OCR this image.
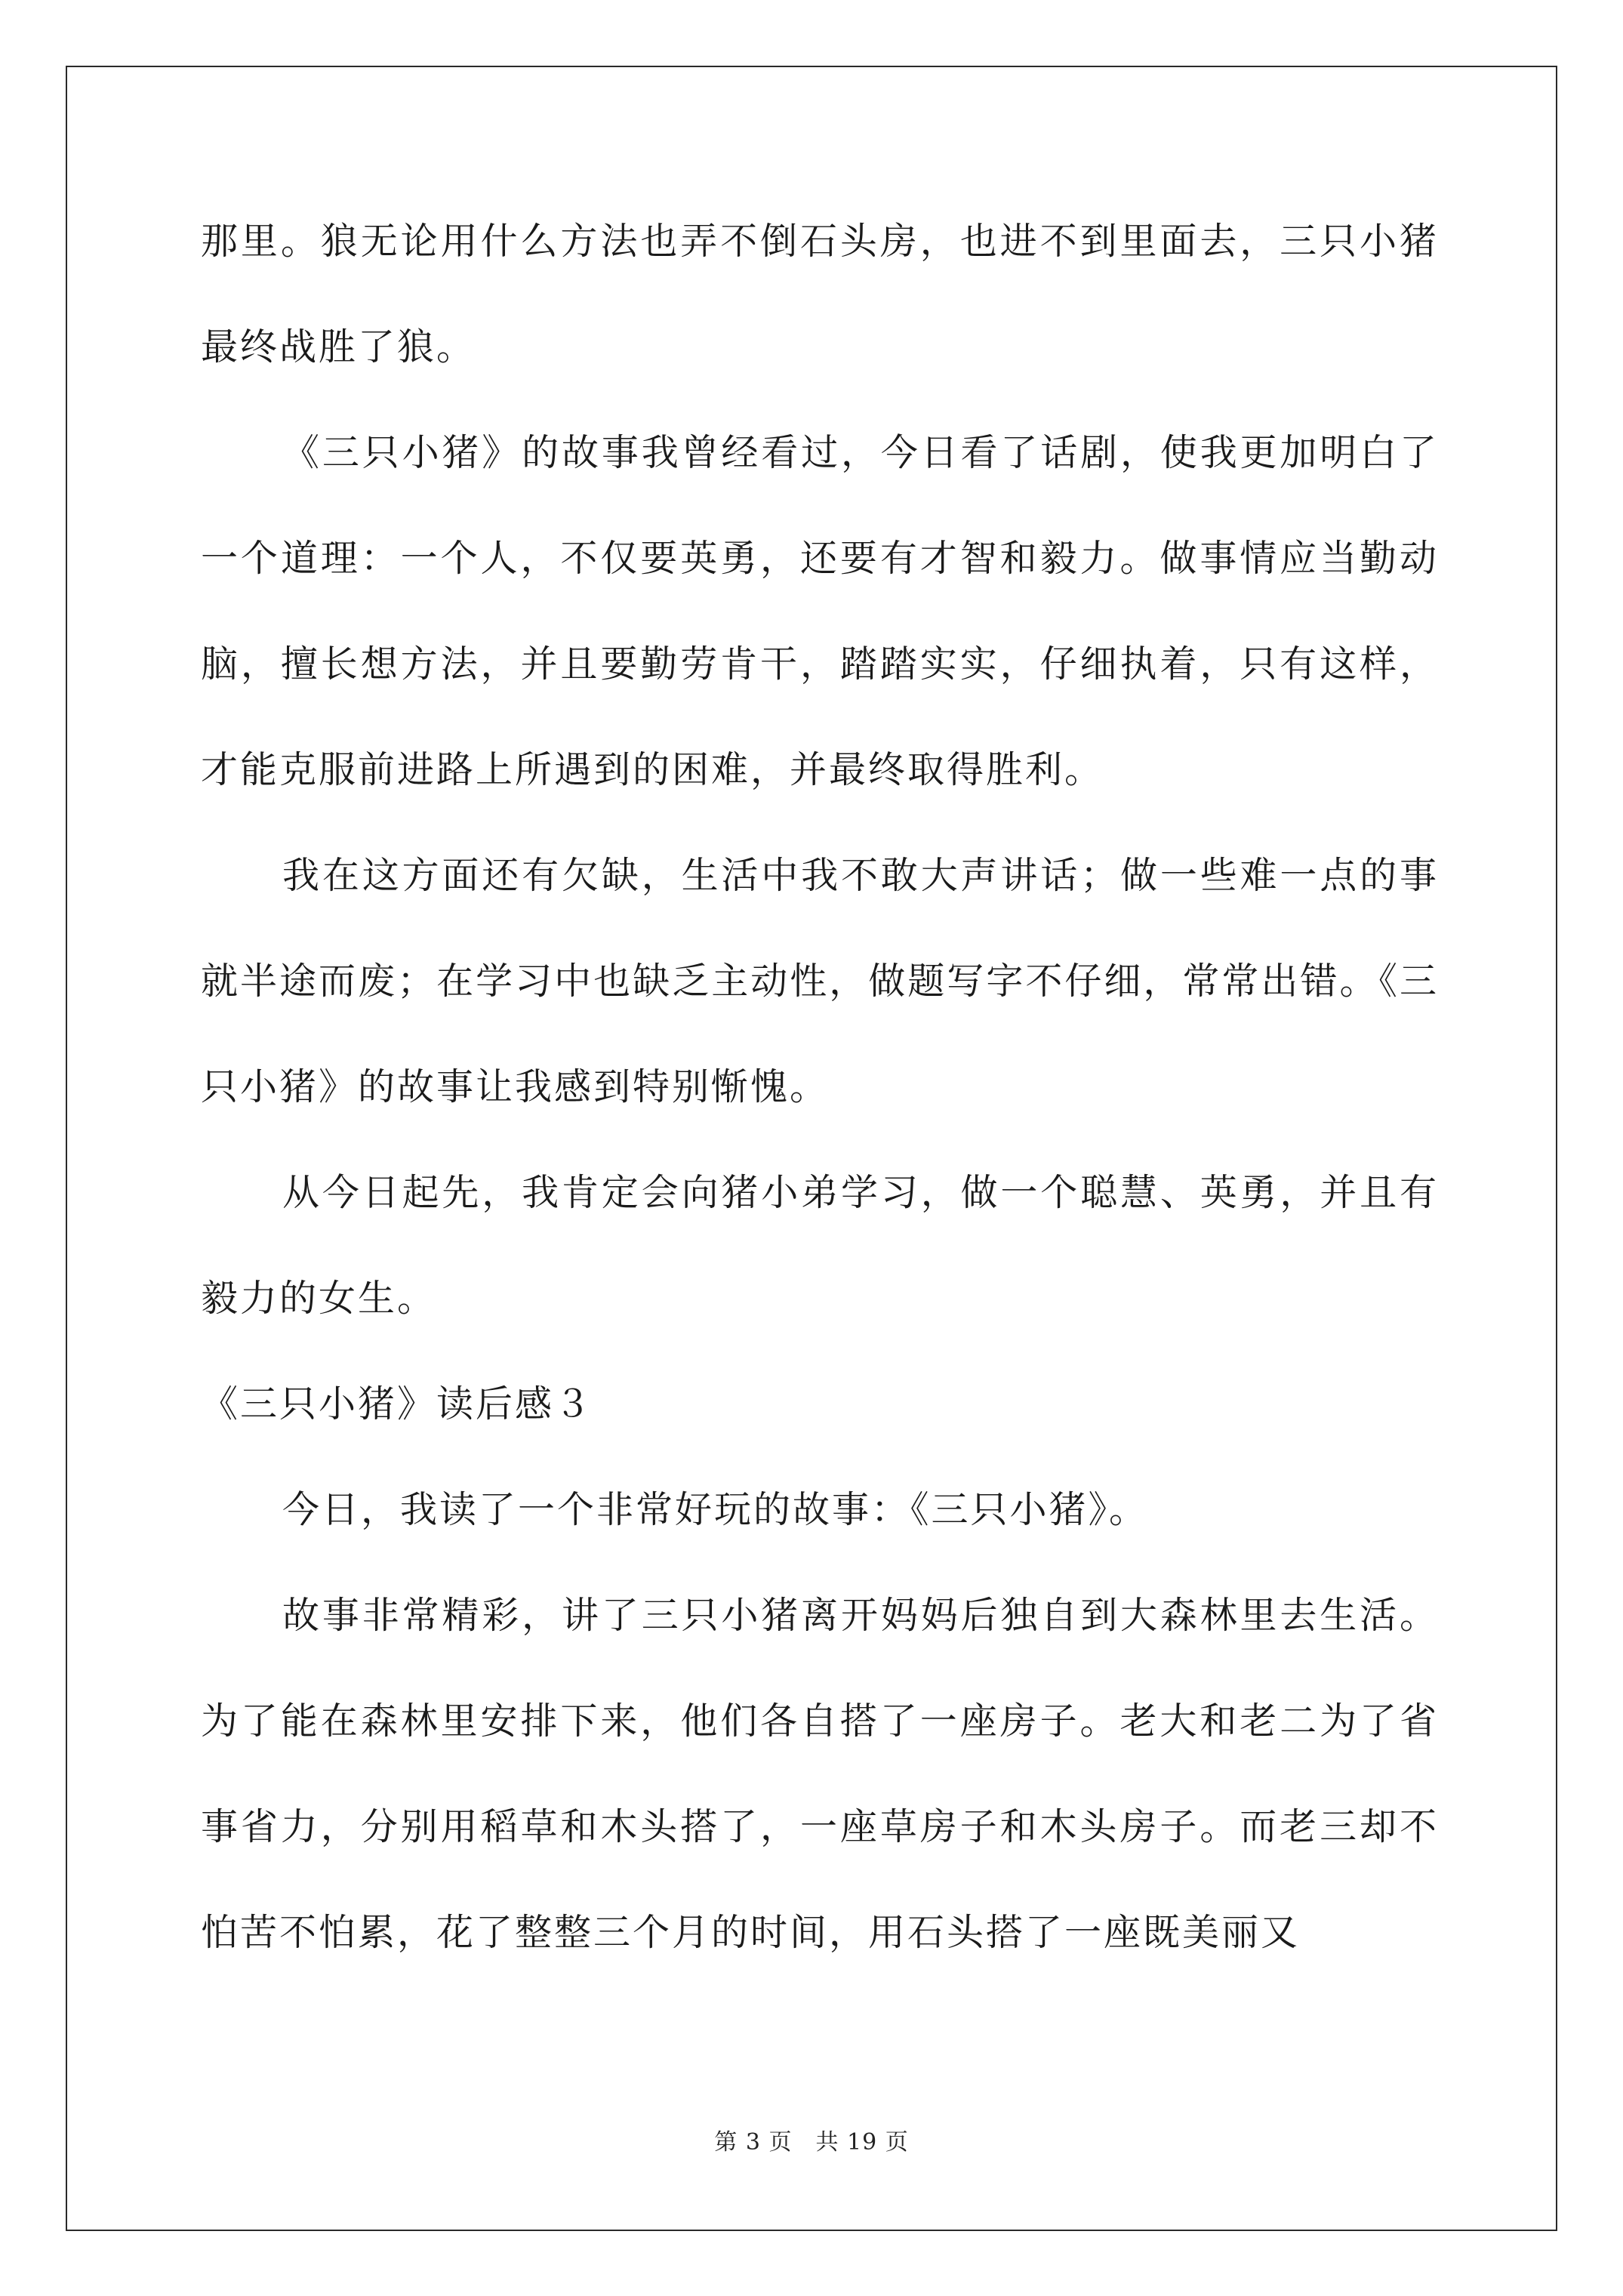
那里。狼无论用什么方法也弄不倒石头房，也进不到里面去，三只小猪最终战胜了狼。

《三只小猪》的故事我曾经看过，今日看了话剧，使我更加明白了一个道理：一个人，不仅要英勇，还要有才智和毅力。做事情应当勤动脑，擅长想方法，并且要勤劳肯干，踏踏实实，仔细执着，只有这样，才能克服前进路上所遇到的困难，并最终取得胜利。

我在这方面还有欠缺，生活中我不敢大声讲话；做一些难一点的事就半途而废；在学习中也缺乏主动性，做题写字不仔细，常常出错。《三只小猪》的故事让我感到特别惭愧。

从今日起先，我肯定会向猪小弟学习，做一个聪慧、英勇，并且有毅力的女生。

《三只小猪》读后感３

今日，我读了一个非常好玩的故事：《三只小猪》。

故事非常精彩，讲了三只小猪离开妈妈后独自到大森林里去生活。为了能在森林里安排下来，他们各自搭了一座房子。老大和老二为了省事省力，分别用稻草和木头搭了，一座草房子和木头房子。而老三却不怕苦不怕累，花了整整三个月的时间，用石头搭了一座既美丽又

第 3 页　共 19 页
